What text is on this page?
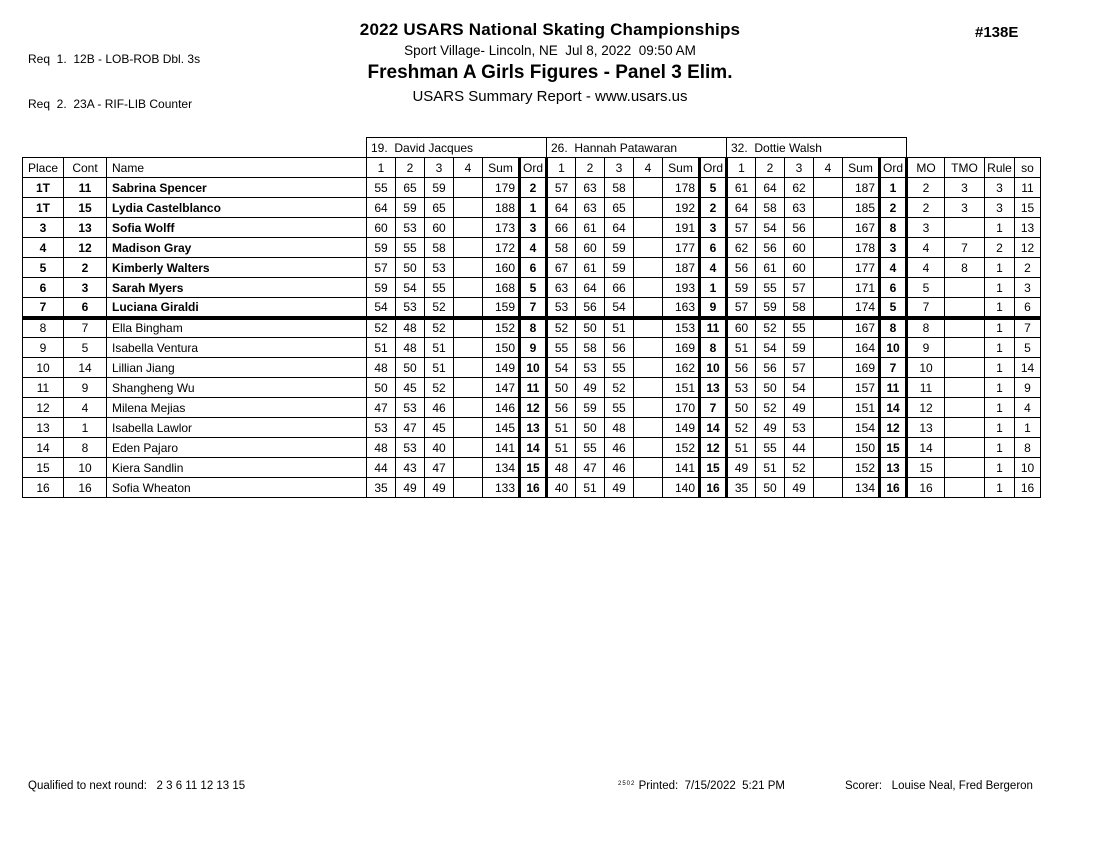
Req  1.  12B - LOB-ROB Dbl. 3s

Req  2.  23A - RIF-LIB Counter

2022 USARS National Skating Championships
Sport Village- Lincoln, NE  Jul 8, 2022  09:50 AM
Freshman A Girls Figures - Panel 3 Elim.
USARS Summary Report - www.usars.us
#138E
			19.  David Jacques						26.  Hannah Patawaran						32.  Dottie Walsh									
Place	Cont	Name	1	2	3	4	Sum	Ord	1	2	3	4	Sum	Ord	1	2	3	4	Sum	Ord	MO	TMO	Rule	so
1T	11	Sabrina Spencer	55	65	59		179	2	57	63	58		178	5	61	64	62		187	1	2	3	3	11
1T	15	Lydia Castelblanco	64	59	65		188	1	64	63	65		192	2	64	58	63		185	2	2	3	3	15
3	13	Sofia Wolff	60	53	60		173	3	66	61	64		191	3	57	54	56		167	8	3		1	13
4	12	Madison Gray	59	55	58		172	4	58	60	59		177	6	62	56	60		178	3	4	7	2	12
5	2	Kimberly Walters	57	50	53		160	6	67	61	59		187	4	56	61	60		177	4	4	8	1	2
6	3	Sarah Myers	59	54	55		168	5	63	64	66		193	1	59	55	57		171	6	5		1	3
7	6	Luciana Giraldi	54	53	52		159	7	53	56	54		163	9	57	59	58		174	5	7		1	6
8	7	Ella Bingham	52	48	52		152	8	52	50	51		153	11	60	52	55		167	8	8		1	7
9	5	Isabella Ventura	51	48	51		150	9	55	58	56		169	8	51	54	59		164	10	9		1	5
10	14	Lillian Jiang	48	50	51		149	10	54	53	55		162	10	56	56	57		169	7	10		1	14
11	9	Shangheng Wu	50	45	52		147	11	50	49	52		151	13	53	50	54		157	11	11		1	9
12	4	Milena Mejias	47	53	46		146	12	56	59	55		170	7	50	52	49		151	14	12		1	4
13	1	Isabella Lawlor	53	47	45		145	13	51	50	48		149	14	52	49	53		154	12	13		1	1
14	8	Eden Pajaro	48	53	40		141	14	51	55	46		152	12	51	55	44		150	15	14		1	8
15	10	Kiera Sandlin	44	43	47		134	15	48	47	46		141	15	49	51	52		152	13	15		1	10
16	16	Sofia Wheaton	35	49	49		133	16	40	51	49		140	16	35	50	49		134	16	16		1	16
Qualified to next round: 2 3 6 11 12 13 15	$^{2502}$ Printed: 7/15/2022  5:21 PM	Scorer: Louise Neal, Fred Bergeron
